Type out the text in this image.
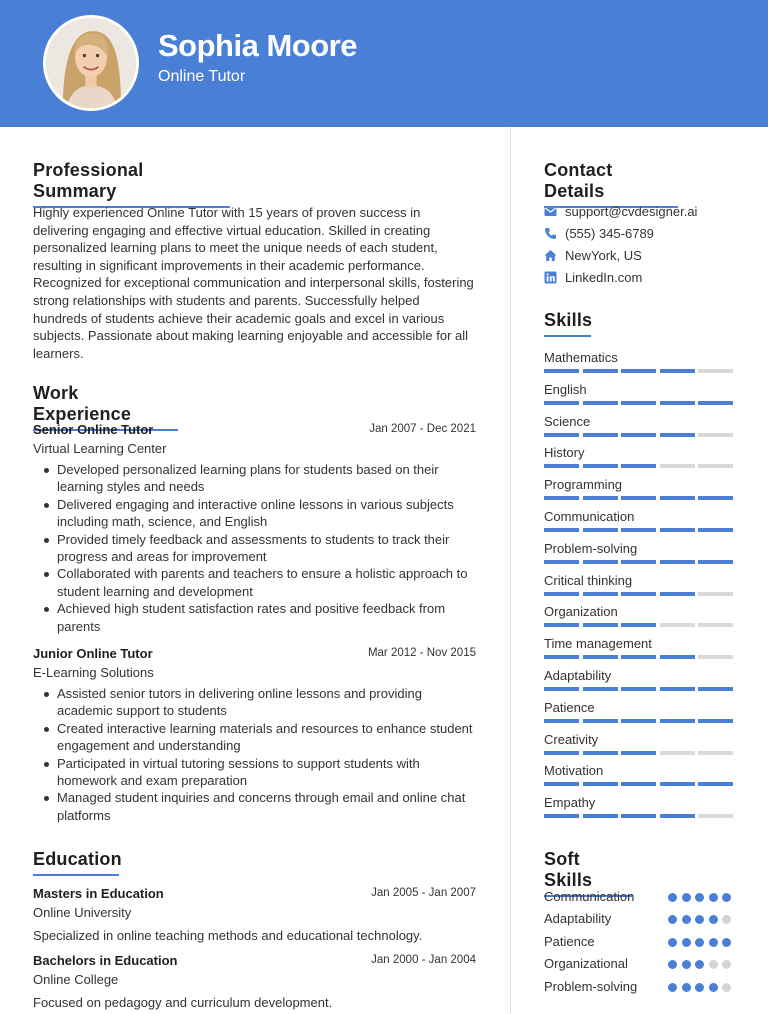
Sophia Moore
Online Tutor
Professional Summary
Highly experienced Online Tutor with 15 years of proven success in delivering engaging and effective virtual education. Skilled in creating personalized learning plans to meet the unique needs of each student, resulting in significant improvements in their academic performance. Recognized for exceptional communication and interpersonal skills, fostering strong relationships with students and parents. Successfully helped hundreds of students achieve their academic goals and excel in various subjects. Passionate about making learning enjoyable and accessible for all learners.
Work Experience
Senior Online Tutor	Jan 2007 - Dec 2021
Virtual Learning Center
Developed personalized learning plans for students based on their learning styles and needs
Delivered engaging and interactive online lessons in various subjects including math, science, and English
Provided timely feedback and assessments to students to track their progress and areas for improvement
Collaborated with parents and teachers to ensure a holistic approach to student learning and development
Achieved high student satisfaction rates and positive feedback from parents
Junior Online Tutor	Mar 2012 - Nov 2015
E-Learning Solutions
Assisted senior tutors in delivering online lessons and providing academic support to students
Created interactive learning materials and resources to enhance student engagement and understanding
Participated in virtual tutoring sessions to support students with homework and exam preparation
Managed student inquiries and concerns through email and online chat platforms
Education
Masters in Education	Jan 2005 - Jan 2007
Online University
Specialized in online teaching methods and educational technology.
Bachelors in Education	Jan 2000 - Jan 2004
Online College
Focused on pedagogy and curriculum development.
Contact Details
support@cvdesigner.ai
(555) 345-6789
NewYork, US
LinkedIn.com
Skills
Mathematics
English
Science
History
Programming
Communication
Problem-solving
Critical thinking
Organization
Time management
Adaptability
Patience
Creativity
Motivation
Empathy
Soft Skills
Communication
Adaptability
Patience
Organizational
Problem-solving
